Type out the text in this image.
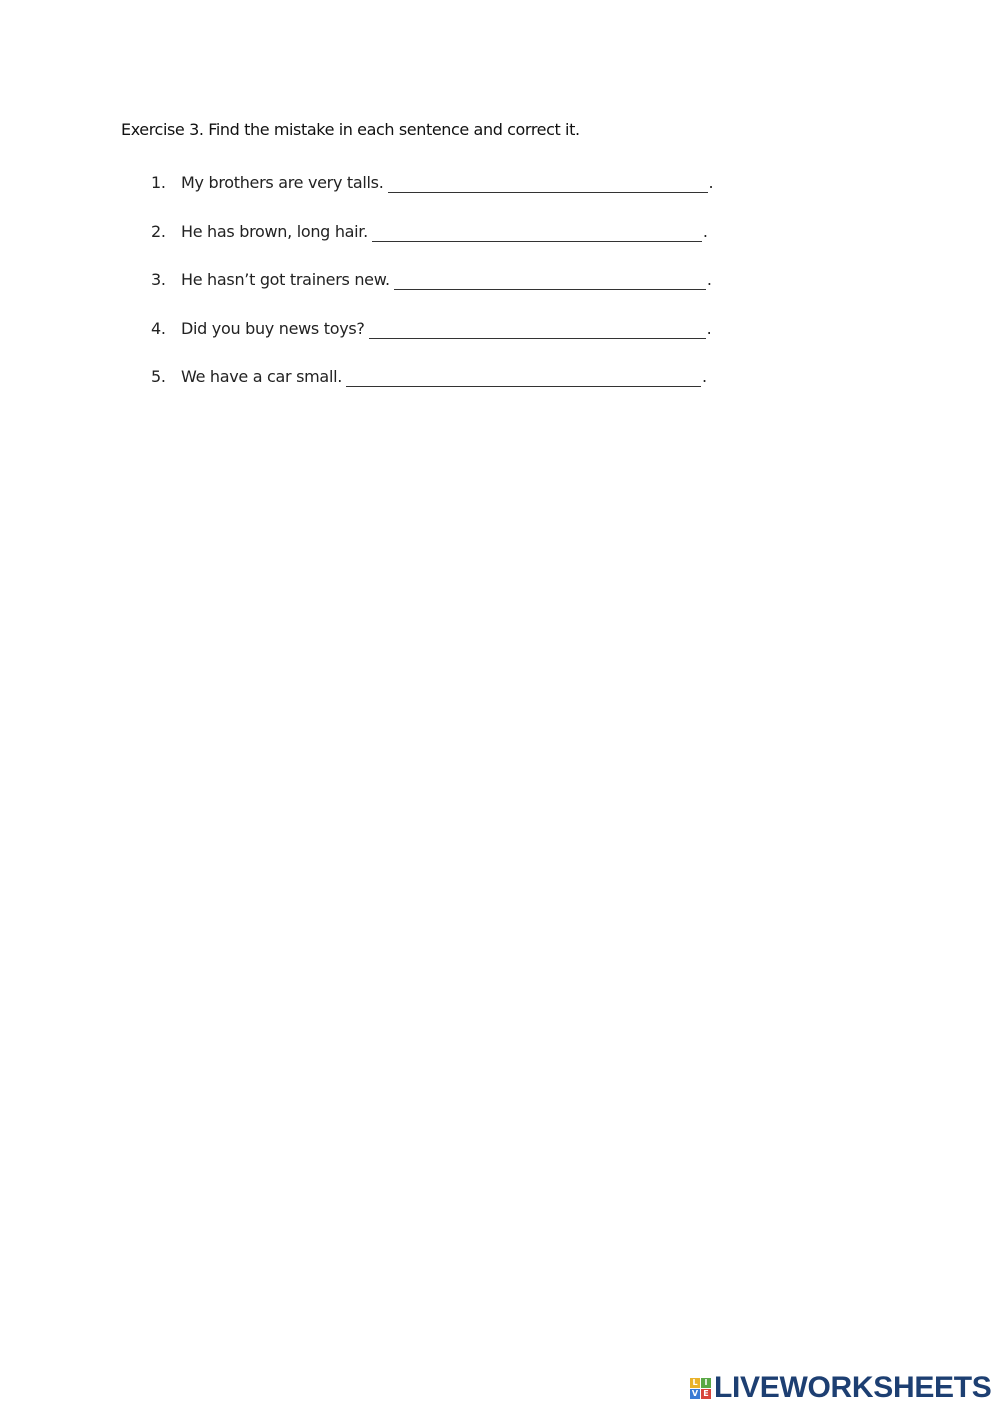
Exercise 3. Find the mistake in each sentence and correct it.
1. My brothers are very talls.	.
2. He has brown, long hair.	.
3. He hasn’t got trainers new.	.
4. Did you buy news toys?	.
5. We have a car small.	.
L I
V E LIVEWORKSHEETS
